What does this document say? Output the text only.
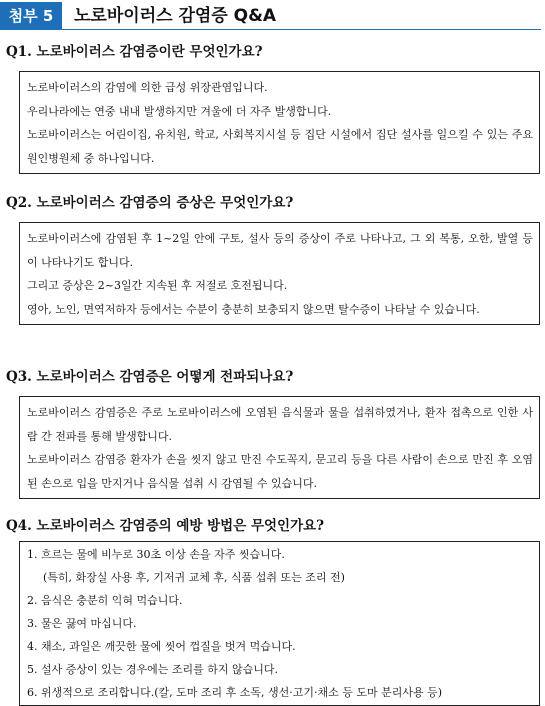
첨부 5	노로바이러스 감염증 Q&A
Q1. 노로바이러스 감염증이란 무엇인가요?
노로바이러스의 감염에 의한 급성 위장관염입니다.
우리나라에는 연중 내내 발생하지만 겨울에 더 자주 발생합니다.
노로바이러스는 어린이집, 유치원, 학교, 사회복지시설 등 집단 시설에서 집단 설사를 일으킬 수 있는 주요 원인병원체 중 하나입니다.
Q2. 노로바이러스 감염증의 증상은 무엇인가요?
노로바이러스에 감염된 후 1~2일 안에 구토, 설사 등의 증상이 주로 나타나고, 그 외 복통, 오한, 발열 등이 나타나기도 합니다.
그리고 증상은 2~3일간 지속된 후 저절로 호전됩니다.
영아, 노인, 면역저하자 등에서는 수분이 충분히 보충되지 않으면 탈수증이 나타날 수 있습니다.
Q3. 노로바이러스 감염증은 어떻게 전파되나요?
노로바이러스 감염증은 주로 노로바이러스에 오염된 음식물과 물을 섭취하였거나, 환자 접촉으로 인한 사람 간 전파를 통해 발생합니다.
노로바이러스 감염증 환자가 손을 씻지 않고 만진 수도꼭지, 문고리 등을 다른 사람이 손으로 만진 후 오염된 손으로 입을 만지거나 음식물 섭취 시 감염될 수 있습니다.
Q4. 노로바이러스 감염증의 예방 방법은 무엇인가요?
1. 흐르는 물에 비누로 30초 이상 손을 자주 씻습니다.
(특히, 화장실 사용 후, 기저귀 교체 후, 식품 섭취 또는 조리 전)
2. 음식은 충분히 익혀 먹습니다.
3. 물은 끓여 마십니다.
4. 채소, 과일은 깨끗한 물에 씻어 껍질을 벗겨 먹습니다.
5. 설사 증상이 있는 경우에는 조리를 하지 않습니다.
6. 위생적으로 조리합니다.(칼, 도마 조리 후 소독, 생선·고기·채소 등 도마 분리사용 등)
